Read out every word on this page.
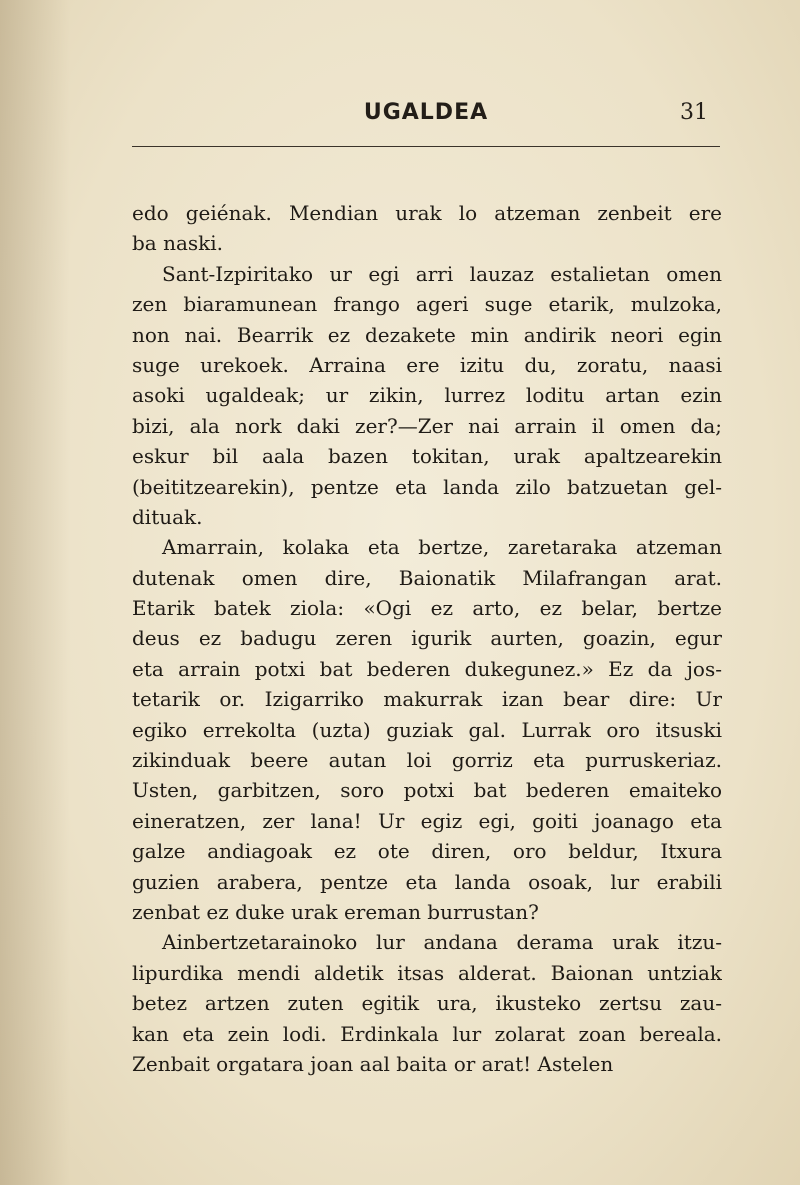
UGALDEA	31
edo geiénak. Mendian urak lo atzeman zenbeit ere
ba naski.
Sant-Izpiritako ur egi arri lauzaz estalietan omen
zen biaramunean frango ageri suge etarik, mulzoka,
non nai. Bearrik ez dezakete min andirik neori egin
suge urekoek. Arraina ere izitu du, zoratu, naasi
asoki ugaldeak; ur zikin, lurrez loditu artan ezin
bizi, ala nork daki zer?—Zer nai arrain il omen da;
eskur bil aala bazen tokitan, urak apaltzearekin
(beititzearekin), pentze eta landa zilo batzuetan gel-
dituak.
Amarrain, kolaka eta bertze, zaretaraka atzeman
dutenak omen dire, Baionatik Milafrangan arat.
Etarik batek ziola: «Ogi ez arto, ez belar, bertze
deus ez badugu zeren igurik aurten, goazin, egur
eta arrain potxi bat bederen dukegunez.» Ez da jos-
tetarik or. Izigarriko makurrak izan bear dire: Ur
egiko errekolta (uzta) guziak gal. Lurrak oro itsuski
zikinduak beere autan loi gorriz eta purruskeriaz.
Usten, garbitzen, soro potxi bat bederen emaiteko
eineratzen, zer lana! Ur egiz egi, goiti joanago eta
galze andiagoak ez ote diren, oro beldur, Itxura
guzien arabera, pentze eta landa osoak, lur erabili
zenbat ez duke urak ereman burrustan?
Ainbertzetarainoko lur andana derama urak itzu-
lipurdika mendi aldetik itsas alderat. Baionan untziak
betez artzen zuten egitik ura, ikusteko zertsu zau-
kan eta zein lodi. Erdinkala lur zolarat zoan bereala.
Zenbait orgatara joan aal baita or arat! Astelen
